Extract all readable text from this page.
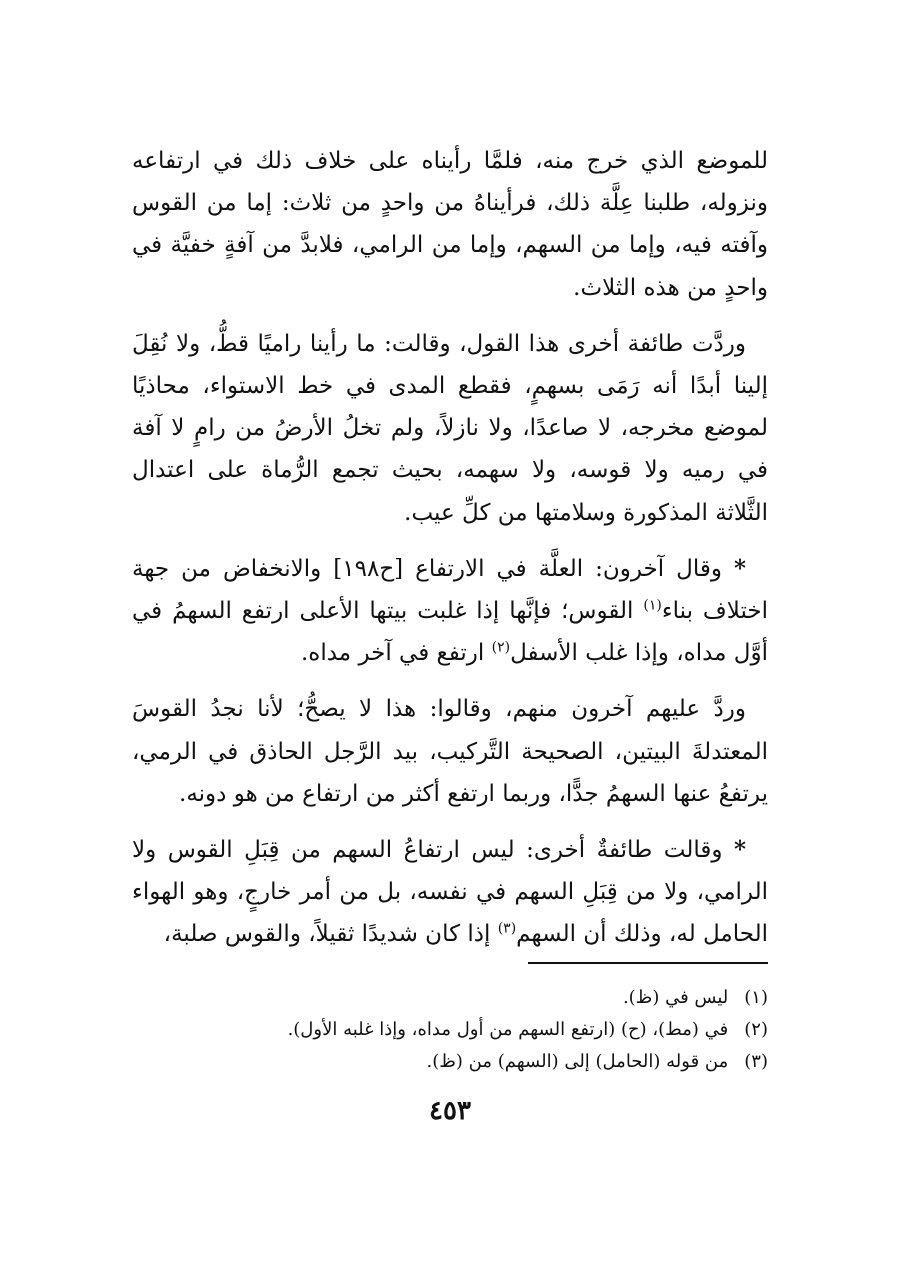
للموضع الذي خرج منه، فلمَّا رأيناه على خلاف ذلك في ارتفاعه ونزوله، طلبنا عِلَّة ذلك، فرأيناهُ من واحدٍ من ثلاث: إما من القوس وآفته فيه، وإما من السهم، وإما من الرامي، فلابدَّ من آفةٍ خفيَّة في واحدٍ من هذه الثلاث.

وردَّت طائفة أخرى هذا القول، وقالت: ما رأينا راميًا قطُّ، ولا نُقِلَ إلينا أبدًا أنه رَمَى بسهمٍ، فقطع المدى في خط الاستواء، محاذيًا لموضع مخرجه، لا صاعدًا، ولا نازلاً، ولم تخلُ الأرضُ من رامٍ لا آفة في رميه ولا قوسه، ولا سهمه، بحيث تجمع الرُّماة على اعتدال الثَّلاثة المذكورة وسلامتها من كلِّ عيب.

* وقال آخرون: العلَّة في الارتفاع [ح١٩٨] والانخفاض من جهة اختلاف بناء$^{(١)}$ القوس؛ فإنَّها إذا غلبت بيتها الأعلى ارتفع السهمُ في أوَّل مداه، وإذا غلب الأسفل$^{(٢)}$ ارتفع في آخر مداه.

وردَّ عليهم آخرون منهم، وقالوا: هذا لا يصحُّ؛ لأنا نجدُ القوسَ المعتدلةَ البيتين، الصحيحة التَّركيب، بيد الرَّجل الحاذق في الرمي، يرتفعُ عنها السهمُ جدًّا، وربما ارتفع أكثر من ارتفاع من هو دونه.

* وقالت طائفةٌ أخرى: ليس ارتفاعُ السهم من قِبَلِ القوس ولا الرامي، ولا من قِبَلِ السهم في نفسه، بل من أمر خارجٍ، وهو الهواء الحامل له، وذلك أن السهم$^{(٣)}$ إذا كان شديدًا ثقيلاً، والقوس صلبة،

(١) ليس في (ظ).

(٢) في (مط)، (ح) (ارتفع السهم من أول مداه، وإذا غلبه الأول).

(٣) من قوله (الحامل) إلى (السهم) من (ظ).

٤٥٣
